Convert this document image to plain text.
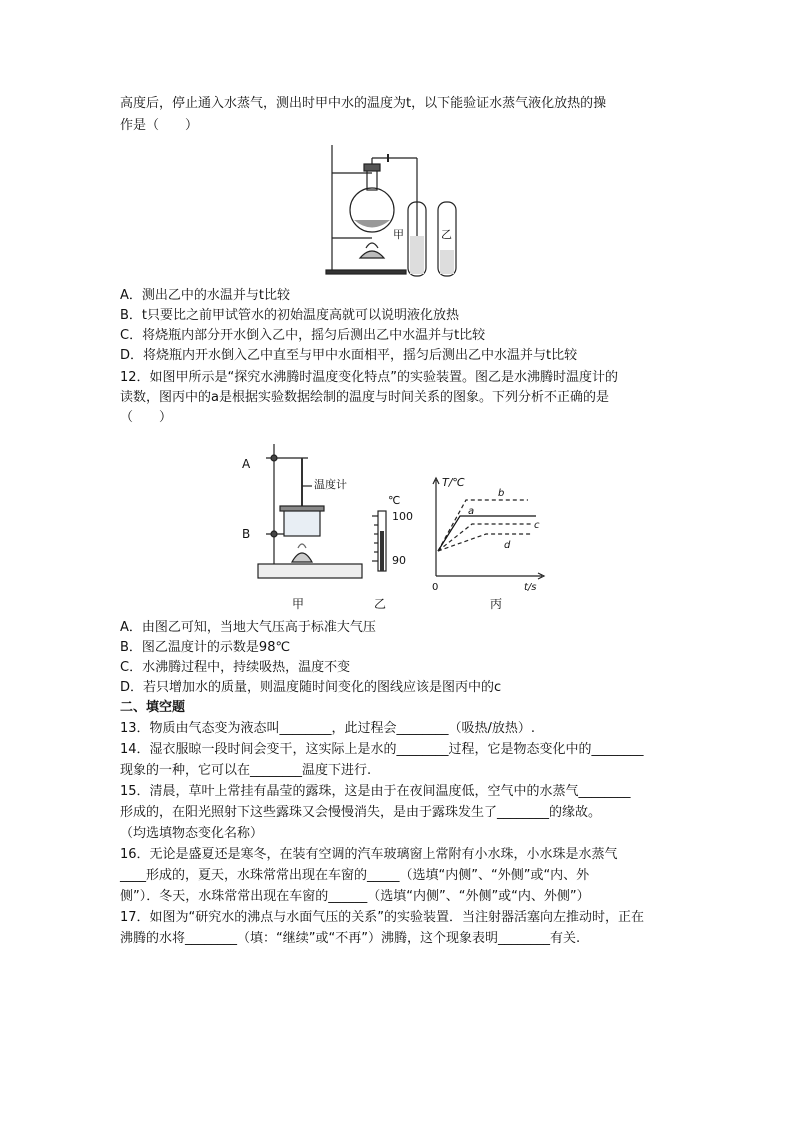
高度后，停止通入水蒸气，测出时甲中水的温度为t，以下能验证水蒸气液化放热的操
作是（　　）
甲	乙
A．测出乙中的水温并与t比较
B．t只要比之前甲试管水的初始温度高就可以说明液化放热
C．将烧瓶内部分开水倒入乙中，摇匀后测出乙中水温并与t比较
D．将烧瓶内开水倒入乙中直至与甲中水面相平，摇匀后测出乙中水温并与t比较
12．如图甲所示是“探究水沸腾时温度变化特点”的实验装置。图乙是水沸腾时温度计的
读数，图丙中的a是根据实验数据绘制的温度与时间关系的图象。下列分析不正确的是
（　　）
A
B
温度计
℃
100
90
T/℃
t/s
0
a
b
c
d
甲	乙	丙
A．由图乙可知，当地大气压高于标准大气压
B．图乙温度计的示数是98℃
C．水沸腾过程中，持续吸热，温度不变
D．若只增加水的质量，则温度随时间变化的图线应该是图丙中的c
二、填空题
13．物质由气态变为液态叫________，此过程会________（吸热/放热）.
14．湿衣服晾一段时间会变干，这实际上是水的________过程，它是物态变化中的________
现象的一种，它可以在________温度下进行.
15．清晨，草叶上常挂有晶莹的露珠，这是由于在夜间温度低，空气中的水蒸气________
形成的，在阳光照射下这些露珠又会慢慢消失，是由于露珠发生了________的缘故。
（均选填物态变化名称）
16．无论是盛夏还是寒冬，在装有空调的汽车玻璃窗上常附有小水珠，小水珠是水蒸气
____形成的，夏天，水珠常常出现在车窗的_____（选填“内侧”、“外侧”或“内、外
侧”）．冬天，水珠常常出现在车窗的______（选填“内侧”、“外侧”或“内、外侧”）
17．如图为“研究水的沸点与水面气压的关系”的实验装置．当注射器活塞向左推动时，正在
沸腾的水将________（填：“继续”或“不再”）沸腾，这个现象表明________有关.
